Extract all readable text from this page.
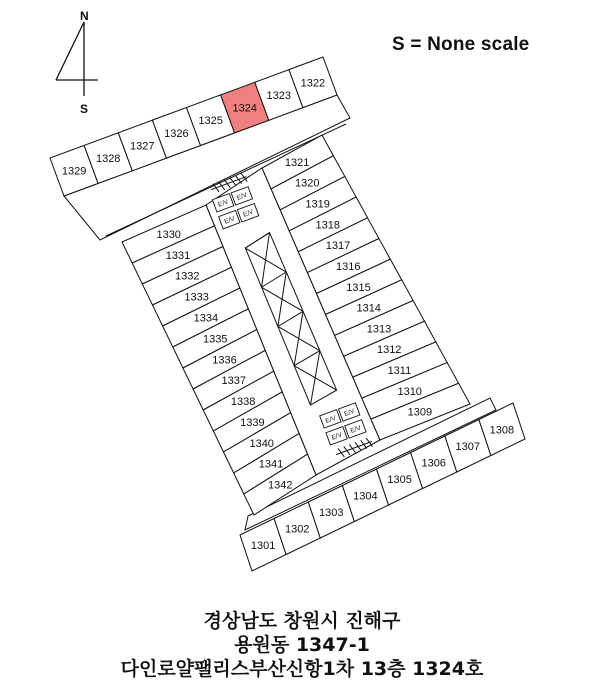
N
S
1329
1328
1327
1326
1325
1324
1323
1322
1330
1331
1332
1333
1334
1335
1336
1337
1338
1339
1340
1341
1342
1321
1320
1319
1318
1317
1316
1315
1314
1313
1312
1311
1310
1309
1301
1302
1303
1304
1305
1306
1307
1308
E/V
E/V
E/V
E/V
E/V
E/V
E/V
E/V
S = None scale
경상남도 창원시 진해구
용원동 1347-1
다인로얄팰리스부산신항1차 13층 1324호
